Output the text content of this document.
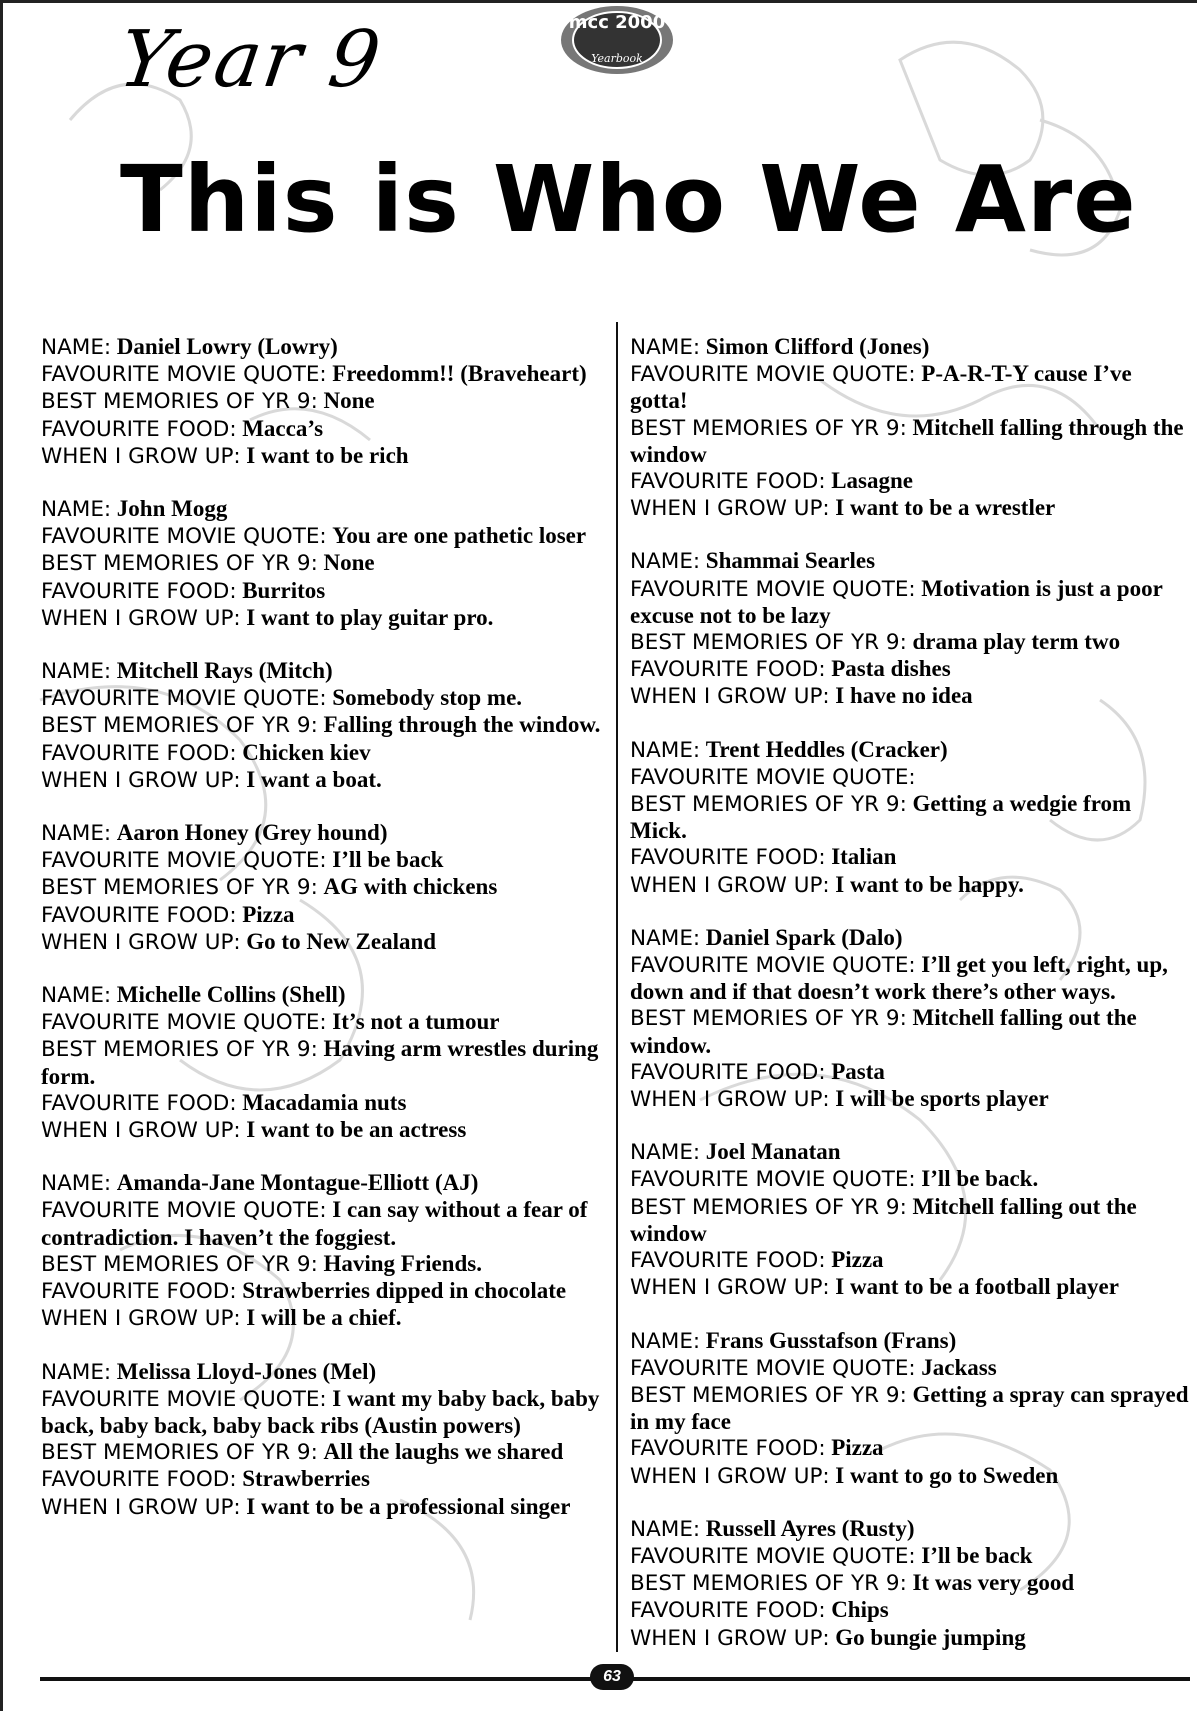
mcc 2000
Yearbook
Year 9
This is Who We Are
NAME: Daniel Lowry (Lowry)
FAVOURITE MOVIE QUOTE: Freedomm!! (Braveheart)
BEST MEMORIES OF YR 9: None
FAVOURITE FOOD: Macca’s
WHEN I GROW UP: I want to be rich
NAME: John Mogg
FAVOURITE MOVIE QUOTE: You are one pathetic loser
BEST MEMORIES OF YR 9: None
FAVOURITE FOOD: Burritos
WHEN I GROW UP: I want to play guitar pro.
NAME: Mitchell Rays (Mitch)
FAVOURITE MOVIE QUOTE: Somebody stop me.
BEST MEMORIES OF YR 9: Falling through the window.
FAVOURITE FOOD: Chicken kiev
WHEN I GROW UP: I want a boat.
NAME: Aaron Honey (Grey hound)
FAVOURITE MOVIE QUOTE: I’ll be back
BEST MEMORIES OF YR 9: AG with chickens
FAVOURITE FOOD: Pizza
WHEN I GROW UP: Go to New Zealand
NAME: Michelle Collins (Shell)
FAVOURITE MOVIE QUOTE: It’s not a tumour
BEST MEMORIES OF YR 9: Having arm wrestles during form.
FAVOURITE FOOD: Macadamia nuts
WHEN I GROW UP: I want to be an actress
NAME: Amanda-Jane Montague-Elliott (AJ)
FAVOURITE MOVIE QUOTE: I can say without a fear of contradiction. I haven’t the foggiest.
BEST MEMORIES OF YR 9: Having Friends.
FAVOURITE FOOD: Strawberries dipped in chocolate
WHEN I GROW UP: I will be a chief.
NAME: Melissa Lloyd-Jones (Mel)
FAVOURITE MOVIE QUOTE: I want my baby back, baby back, baby back, baby back ribs (Austin powers)
BEST MEMORIES OF YR 9: All the laughs we shared
FAVOURITE FOOD: Strawberries
WHEN I GROW UP: I want to be a professional singer
NAME: Simon Clifford (Jones)
FAVOURITE MOVIE QUOTE: P-A-R-T-Y cause I’ve gotta!
BEST MEMORIES OF YR 9: Mitchell falling through the window
FAVOURITE FOOD: Lasagne
WHEN I GROW UP: I want to be a wrestler
NAME: Shammai Searles
FAVOURITE MOVIE QUOTE: Motivation is just a poor excuse not to be lazy
BEST MEMORIES OF YR 9: drama play term two
FAVOURITE FOOD: Pasta dishes
WHEN I GROW UP: I have no idea
NAME: Trent Heddles (Cracker)
FAVOURITE MOVIE QUOTE:
BEST MEMORIES OF YR 9: Getting a wedgie from Mick.
FAVOURITE FOOD: Italian
WHEN I GROW UP: I want to be happy.
NAME: Daniel Spark (Dalo)
FAVOURITE MOVIE QUOTE: I’ll get you left, right, up, down and if that doesn’t work there’s other ways.
BEST MEMORIES OF YR 9: Mitchell falling out the window.
FAVOURITE FOOD: Pasta
WHEN I GROW UP: I will be sports player
NAME: Joel Manatan
FAVOURITE MOVIE QUOTE: I’ll be back.
BEST MEMORIES OF YR 9: Mitchell falling out the window
FAVOURITE FOOD: Pizza
WHEN I GROW UP: I want to be a football player
NAME: Frans Gusstafson (Frans)
FAVOURITE MOVIE QUOTE: Jackass
BEST MEMORIES OF YR 9: Getting a spray can sprayed in my face
FAVOURITE FOOD: Pizza
WHEN I GROW UP: I want to go to Sweden
NAME: Russell Ayres (Rusty)
FAVOURITE MOVIE QUOTE: I’ll be back
BEST MEMORIES OF YR 9: It was very good
FAVOURITE FOOD: Chips
WHEN I GROW UP: Go bungie jumping
63
